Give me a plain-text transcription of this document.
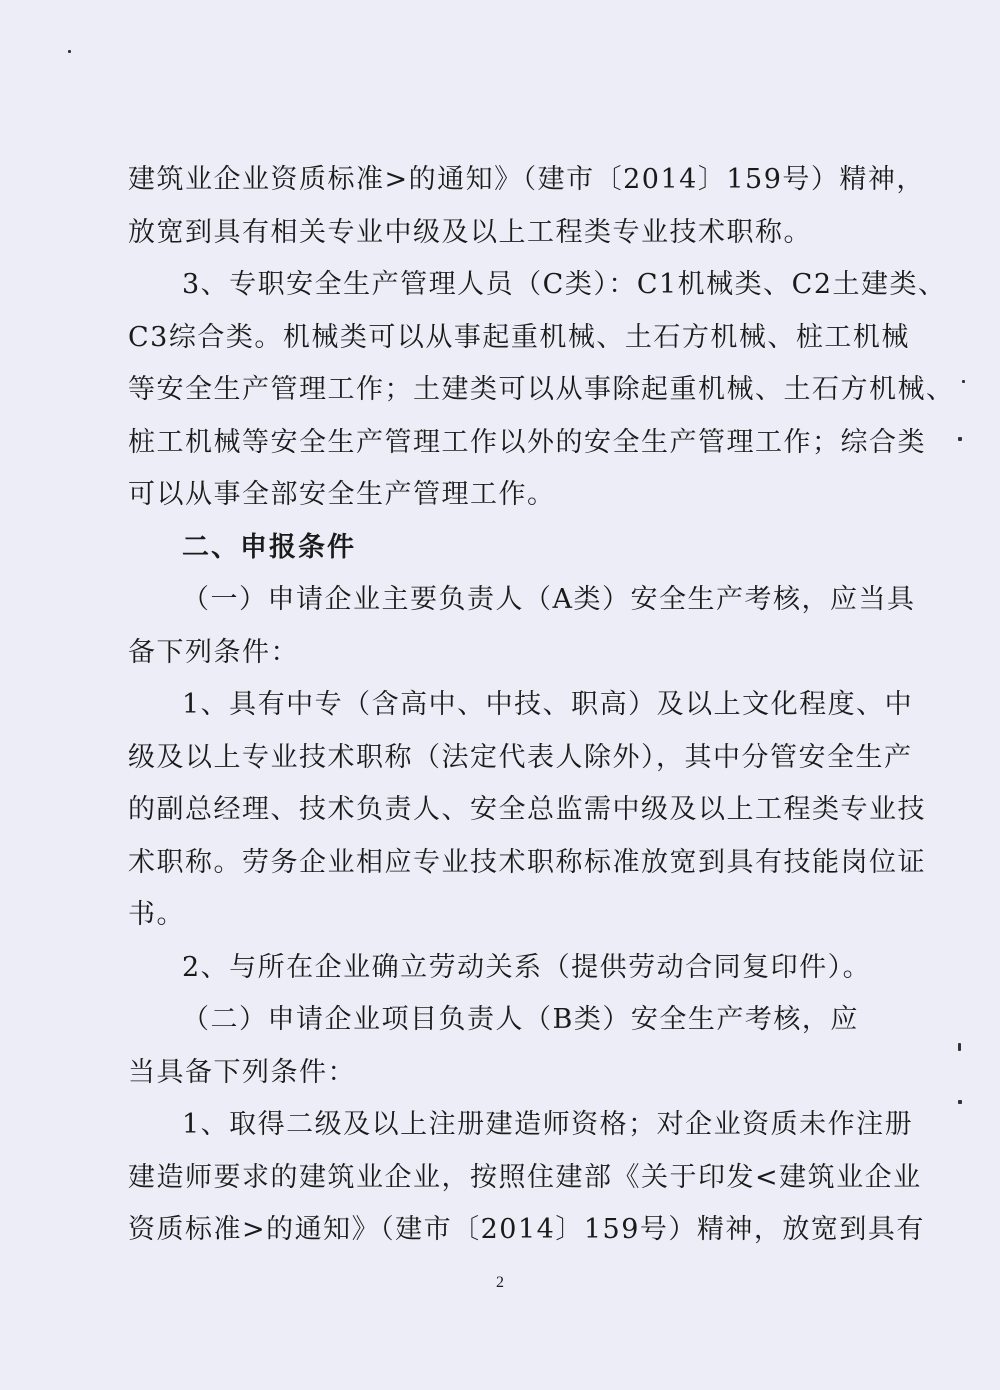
建筑业企业资质标准>的通知》（建市〔2014〕159号）精神，

放宽到具有相关专业中级及以上工程类专业技术职称。

3、专职安全生产管理人员（C类）：C1机械类、C2土建类、

C3综合类。机械类可以从事起重机械、土石方机械、桩工机械

等安全生产管理工作；土建类可以从事除起重机械、土石方机械、

桩工机械等安全生产管理工作以外的安全生产管理工作；综合类

可以从事全部安全生产管理工作。

二、申报条件

（一）申请企业主要负责人（A类）安全生产考核，应当具

备下列条件：

1、具有中专（含高中、中技、职高）及以上文化程度、中

级及以上专业技术职称（法定代表人除外），其中分管安全生产

的副总经理、技术负责人、安全总监需中级及以上工程类专业技

术职称。劳务企业相应专业技术职称标准放宽到具有技能岗位证

书。

2、与所在企业确立劳动关系（提供劳动合同复印件）。

（二）申请企业项目负责人（B类）安全生产考核，应

当具备下列条件：

1、取得二级及以上注册建造师资格；对企业资质未作注册

建造师要求的建筑业企业，按照住建部《关于印发<建筑业企业

资质标准>的通知》（建市〔2014〕159号）精神，放宽到具有

2
